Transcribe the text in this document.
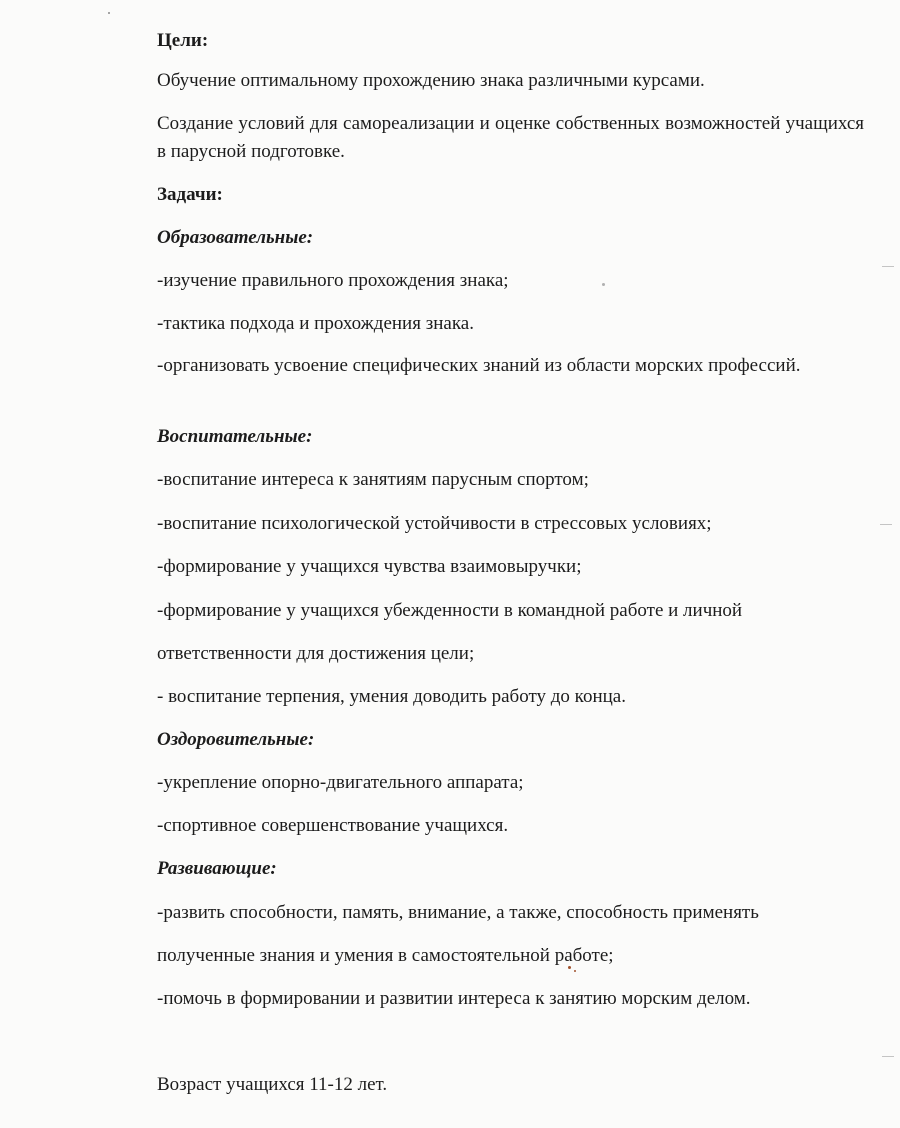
Цели:
Обучение оптимальному прохождению знака различными курсами.
Создание условий для самореализации и оценке собственных возможностей учащихся в парусной подготовке.
Задачи:
Образовательные:
-изучение правильного прохождения знака;
-тактика подхода и прохождения знака.
-организовать усвоение специфических знаний из области морских профессий.
Воспитательные:
-воспитание интереса к занятиям парусным спортом;
-воспитание психологической устойчивости в стрессовых условиях;
-формирование у учащихся чувства взаимовыручки;
-формирование у учащихся убежденности в командной работе и личной
ответственности для достижения цели;
- воспитание терпения, умения доводить работу до конца.
Оздоровительные:
-укрепление опорно-двигательного аппарата;
-спортивное совершенствование учащихся.
Развивающие:
-развить способности, память, внимание, а также, способность применять
полученные знания и умения в самостоятельной работе;
-помочь в формировании и развитии интереса к занятию морским делом.
Возраст учащихся 11-12 лет.
